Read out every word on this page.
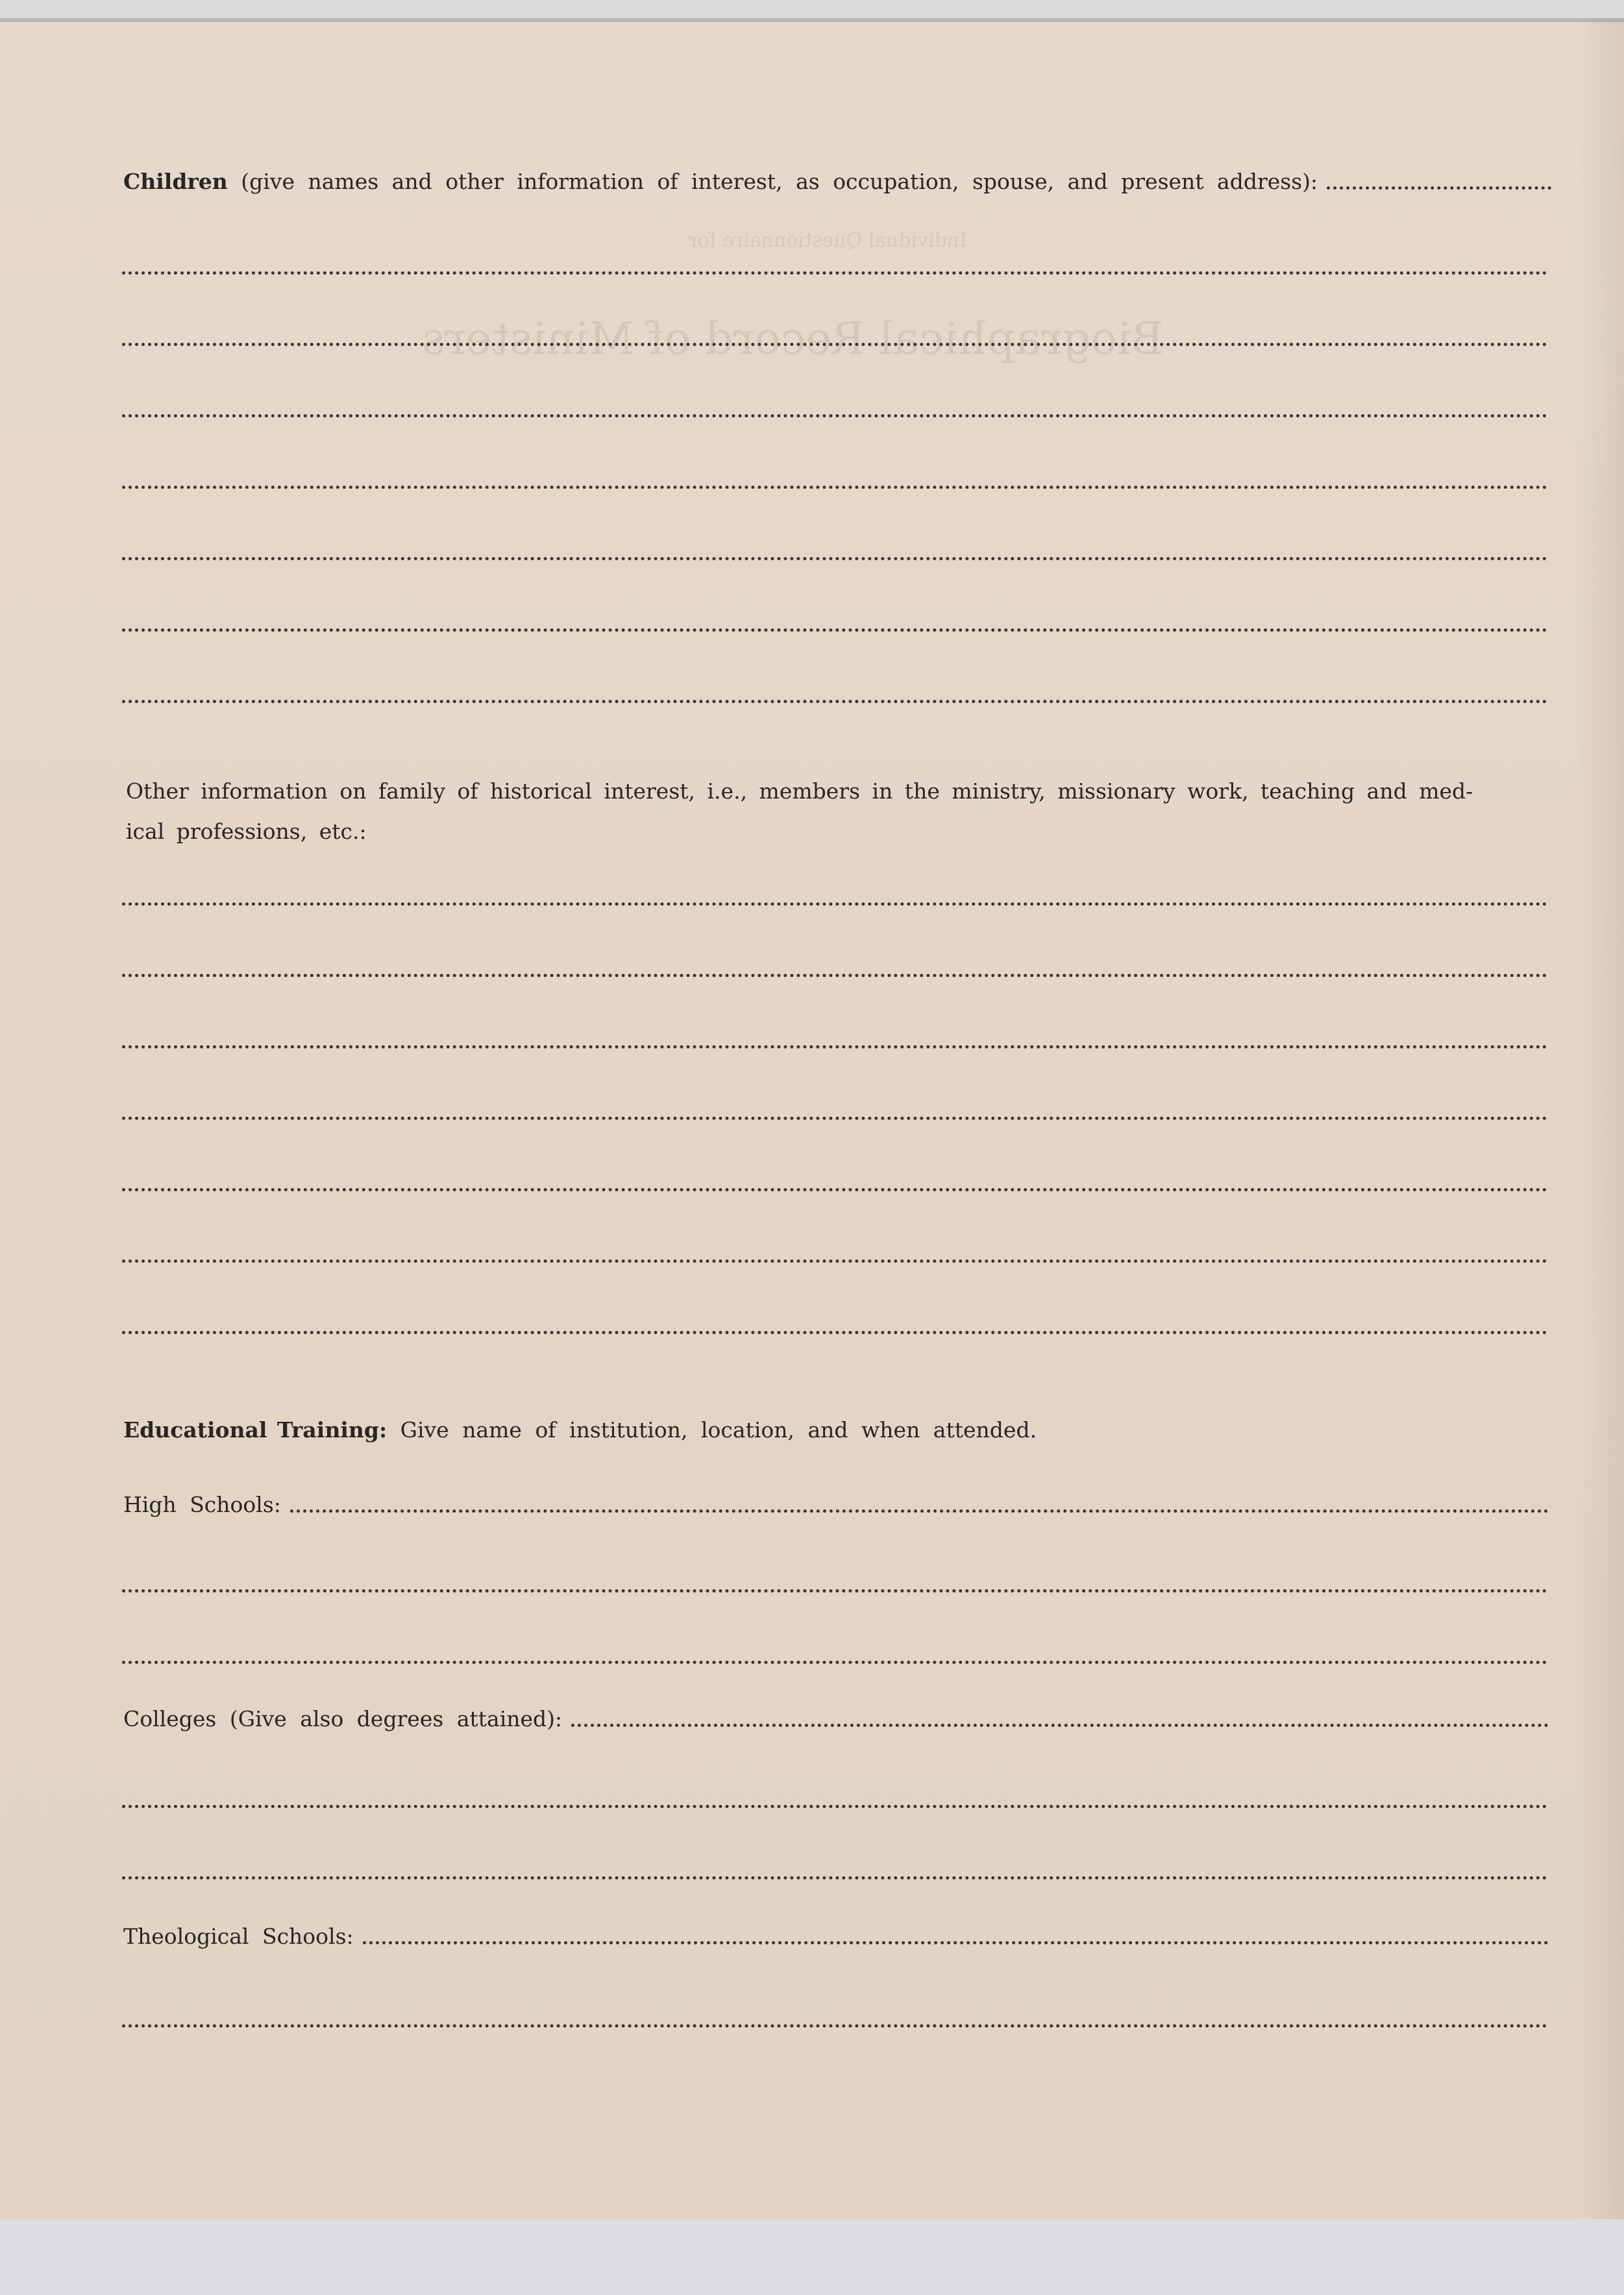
Individual Questionnaire for
Biographical Record of Ministers
Children (give names and other information of interest, as occupation, spouse, and present address):
Other information on family of historical interest, i.e., members in the ministry, missionary work, teaching and med-
ical professions, etc.:
Educational Training: Give name of institution, location, and when attended.
High Schools:
Colleges (Give also degrees attained):
Theological Schools:
